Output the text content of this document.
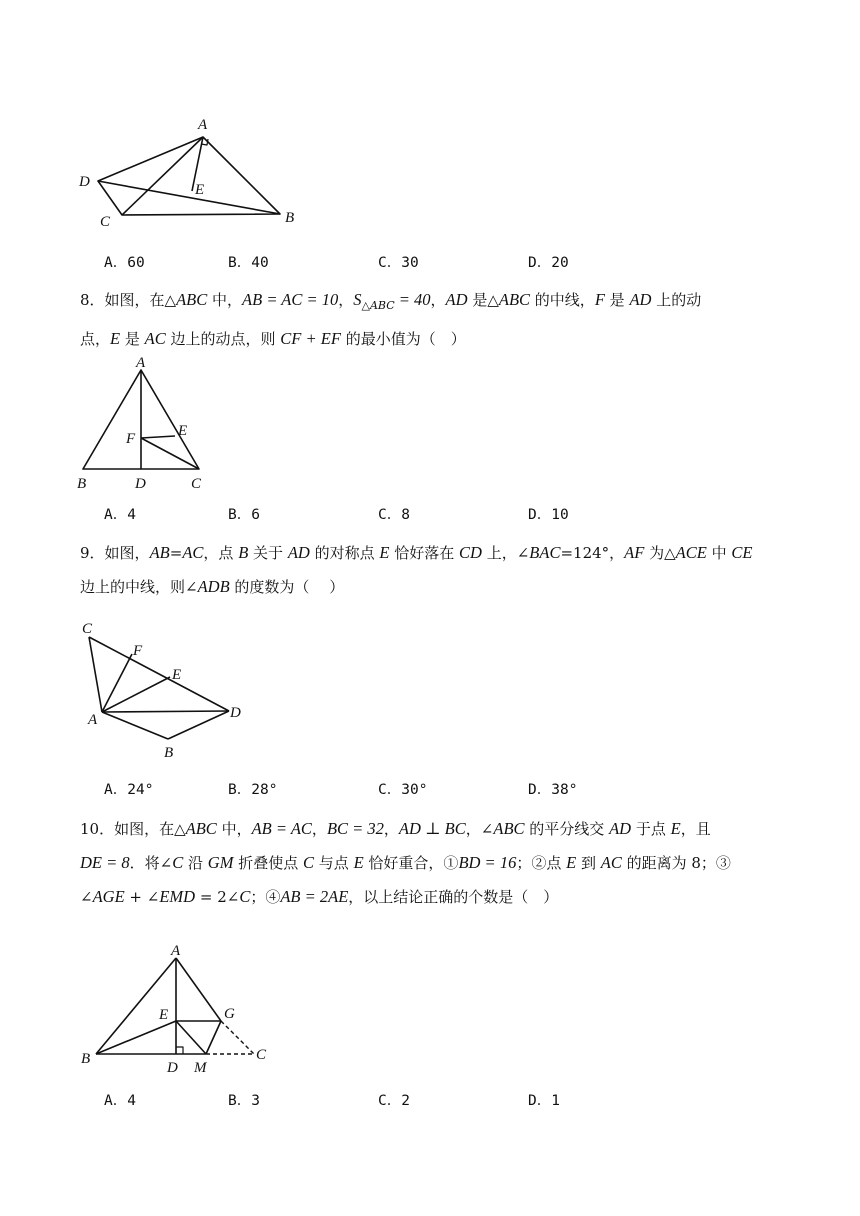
A
D
C
E
B
A．60	B．40	C．30	D．20

8．如图，在△ABC 中，AB = AC = 10，$S_{\triangle ABC} = 40$，AD 是△ABC 的中线，F 是 AD 上的动

点，E 是 AC 边上的动点，则 CF + EF 的最小值为（　）

A
F	E
B	D	C
A．4	B．6	C．8	D．10

9．如图，AB=AC，点 B 关于 AD 的对称点 E 恰好落在 CD 上，∠BAC=124°，AF 为△ACE 中 CE

边上的中线，则∠ADB 的度数为（　 ）

C
F
E
D
A
B
A．24°	B．28°	C．30°	D．38°

10．如图，在△ABC 中，AB = AC，BC = 32，AD ⊥ BC，∠ABC 的平分线交 AD 于点 E，且

DE = 8．将∠C 沿 GM 折叠使点 C 与点 E 恰好重合，①BD = 16；②点 E 到 AC 的距离为 8；③

∠AGE + ∠EMD = 2∠C；④AB = 2AE，以上结论正确的个数是（　）

A
E	G
C
B
D M
A．4	B．3	C．2	D．1
